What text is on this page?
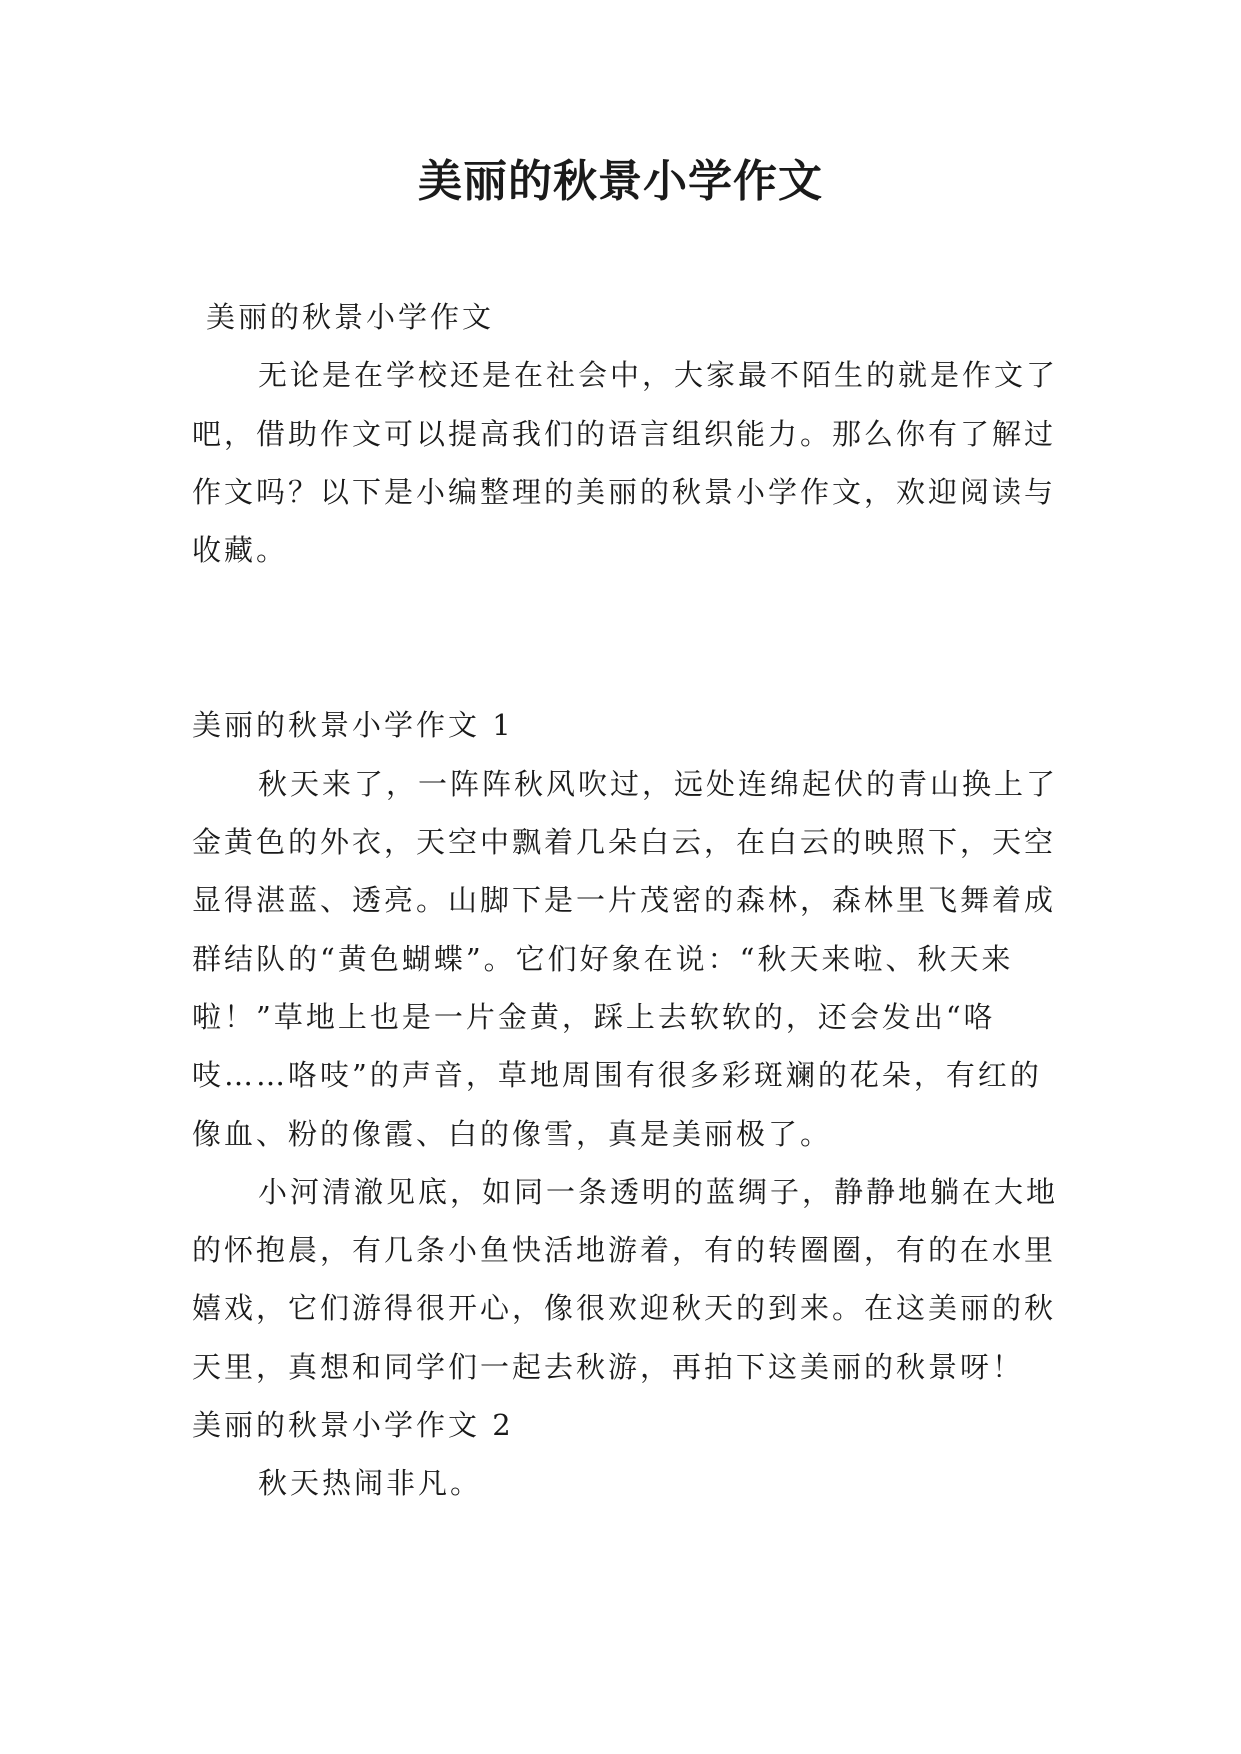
美丽的秋景小学作文

美丽的秋景小学作文

无论是在学校还是在社会中，大家最不陌生的就是作文了吧，借助作文可以提高我们的语言组织能力。那么你有了解过作文吗？以下是小编整理的美丽的秋景小学作文，欢迎阅读与收藏。

美丽的秋景小学作文 1

秋天来了，一阵阵秋风吹过，远处连绵起伏的青山换上了金黄色的外衣，天空中飘着几朵白云，在白云的映照下，天空显得湛蓝、透亮。山脚下是一片茂密的森林，森林里飞舞着成群结队的“黄色蝴蝶”。它们好象在说：“秋天来啦、秋天来啦！”草地上也是一片金黄，踩上去软软的，还会发出“咯吱……咯吱”的声音，草地周围有很多彩斑斓的花朵，有红的像血、粉的像霞、白的像雪，真是美丽极了。

小河清澈见底，如同一条透明的蓝绸子，静静地躺在大地的怀抱晨，有几条小鱼快活地游着，有的转圈圈，有的在水里嬉戏，它们游得很开心，像很欢迎秋天的到来。在这美丽的秋天里，真想和同学们一起去秋游，再拍下这美丽的秋景呀！

美丽的秋景小学作文 2

秋天热闹非凡。
